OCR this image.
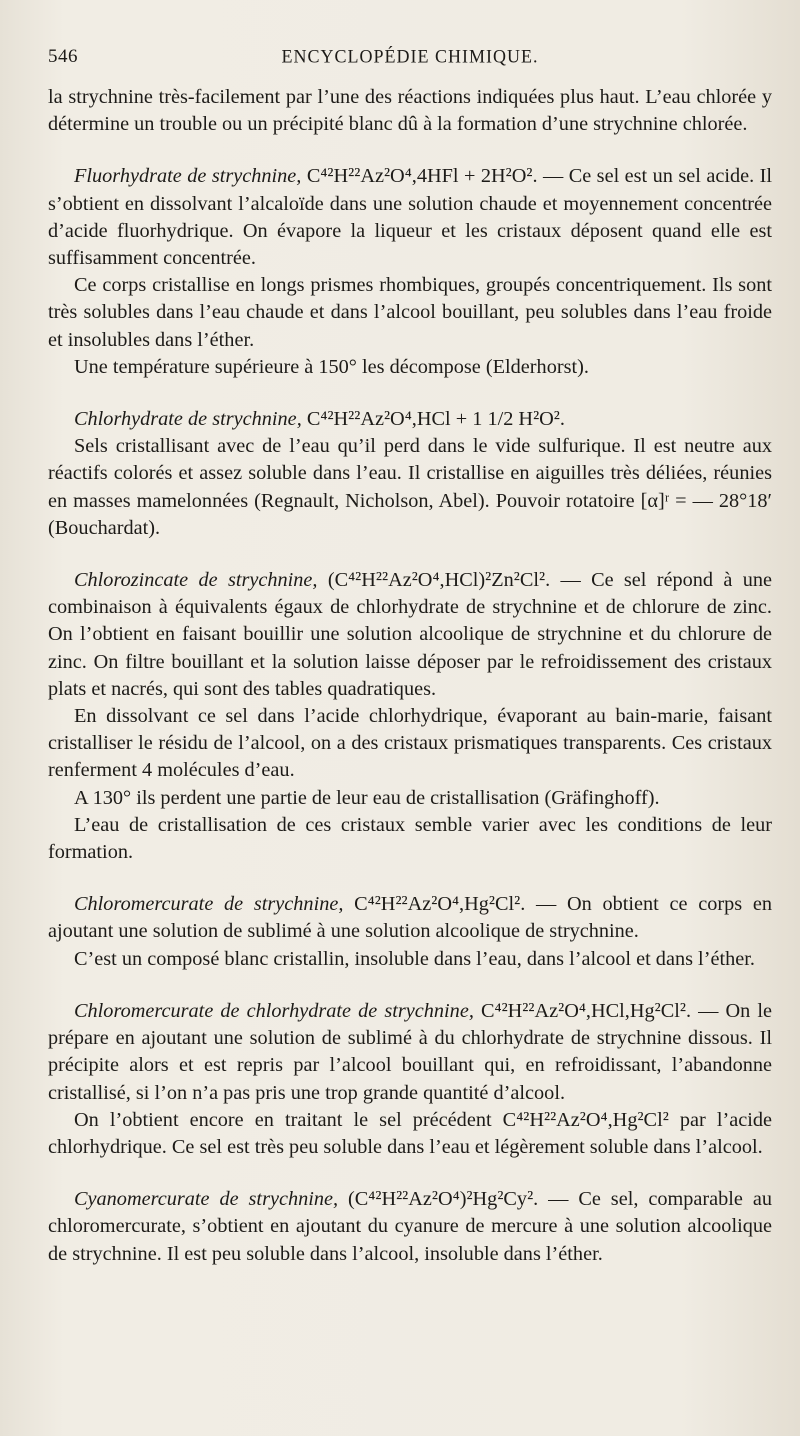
546	ENCYCLOPÉDIE CHIMIQUE.

la strychnine très-facilement par l’une des réactions indiquées plus haut. L’eau chlorée y détermine un trouble ou un précipité blanc dû à la formation d’une strychnine chlorée.

Fluorhydrate de strychnine, C⁴²H²²Az²O⁴,4HFl + 2H²O². — Ce sel est un sel acide. Il s’obtient en dissolvant l’alcaloïde dans une solution chaude et moyennement concentrée d’acide fluorhydrique. On évapore la liqueur et les cristaux déposent quand elle est suffisamment concentrée.

Ce corps cristallise en longs prismes rhombiques, groupés concentriquement. Ils sont très solubles dans l’eau chaude et dans l’alcool bouillant, peu solubles dans l’eau froide et insolubles dans l’éther.

Une température supérieure à 150° les décompose (Elderhorst).

Chlorhydrate de strychnine, C⁴²H²²Az²O⁴,HCl + 1 1/2 H²O².

Sels cristallisant avec de l’eau qu’il perd dans le vide sulfurique. Il est neutre aux réactifs colorés et assez soluble dans l’eau. Il cristallise en aiguilles très déliées, réunies en masses mamelonnées (Regnault, Nicholson, Abel). Pouvoir rotatoire [α]ʳ = — 28°18′ (Bouchardat).

Chlorozincate de strychnine, (C⁴²H²²Az²O⁴,HCl)²Zn²Cl². — Ce sel répond à une combinaison à équivalents égaux de chlorhydrate de strychnine et de chlorure de zinc. On l’obtient en faisant bouillir une solution alcoolique de strychnine et du chlorure de zinc. On filtre bouillant et la solution laisse déposer par le refroidissement des cristaux plats et nacrés, qui sont des tables quadratiques.

En dissolvant ce sel dans l’acide chlorhydrique, évaporant au bain-marie, faisant cristalliser le résidu de l’alcool, on a des cristaux prismatiques transparents. Ces cristaux renferment 4 molécules d’eau.

A 130° ils perdent une partie de leur eau de cristallisation (Gräfinghoff).

L’eau de cristallisation de ces cristaux semble varier avec les conditions de leur formation.

Chloromercurate de strychnine, C⁴²H²²Az²O⁴,Hg²Cl². — On obtient ce corps en ajoutant une solution de sublimé à une solution alcoolique de strychnine.

C’est un composé blanc cristallin, insoluble dans l’eau, dans l’alcool et dans l’éther.

Chloromercurate de chlorhydrate de strychnine, C⁴²H²²Az²O⁴,HCl,Hg²Cl². — On le prépare en ajoutant une solution de sublimé à du chlorhydrate de strychnine dissous. Il précipite alors et est repris par l’alcool bouillant qui, en refroidissant, l’abandonne cristallisé, si l’on n’a pas pris une trop grande quantité d’alcool.

On l’obtient encore en traitant le sel précédent C⁴²H²²Az²O⁴,Hg²Cl² par l’acide chlorhydrique. Ce sel est très peu soluble dans l’eau et légèrement soluble dans l’alcool.

Cyanomercurate de strychnine, (C⁴²H²²Az²O⁴)²Hg²Cy². — Ce sel, comparable au chloromercurate, s’obtient en ajoutant du cyanure de mercure à une solution alcoolique de strychnine. Il est peu soluble dans l’alcool, insoluble dans l’éther.
